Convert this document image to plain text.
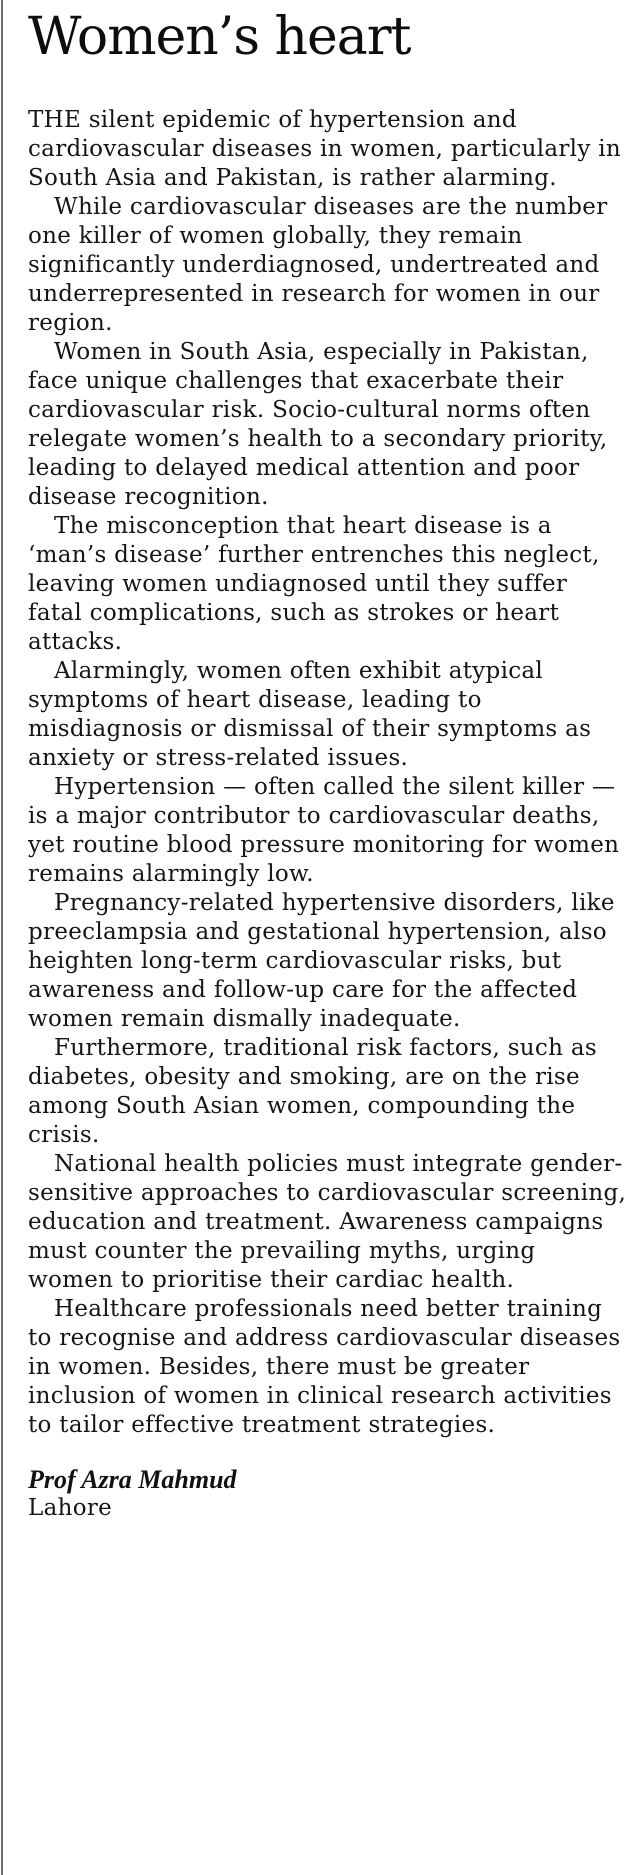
Women’s heart

THE silent epidemic of hypertension and cardiovascular diseases in women, particularly in South Asia and Pakistan, is rather alarming.

While cardiovascular diseases are the number one killer of women globally, they remain significantly underdiagnosed, undertreated and underrepresented in research for women in our region.

Women in South Asia, especially in Pakistan, face unique challenges that exacerbate their cardiovascular risk. Socio-cultural norms often relegate women’s health to a secondary priority, leading to delayed medical attention and poor disease recognition.

The misconception that heart disease is a ‘man’s disease’ further entrenches this neglect, leaving women undiagnosed until they suffer fatal complications, such as strokes or heart attacks.

Alarmingly, women often exhibit atypical symptoms of heart disease, leading to misdiagnosis or dismissal of their symptoms as anxiety or stress-related issues.

Hypertension — often called the silent killer — is a major contributor to cardiovascular deaths, yet routine blood pressure monitoring for women remains alarmingly low.

Pregnancy-related hypertensive disorders, like preeclampsia and gestational hypertension, also heighten long-term cardiovascular risks, but awareness and follow-up care for the affected women remain dismally inadequate.

Furthermore, traditional risk factors, such as diabetes, obesity and smoking, are on the rise among South Asian women, compounding the crisis.

National health policies must integrate gender-sensitive approaches to cardiovascular screening, education and treatment. Awareness campaigns must counter the prevailing myths, urging women to prioritise their cardiac health.

Healthcare professionals need better training to recognise and address cardiovascular diseases in women. Besides, there must be greater inclusion of women in clinical research activities to tailor effective treatment strategies.

Prof Azra Mahmud
Lahore
